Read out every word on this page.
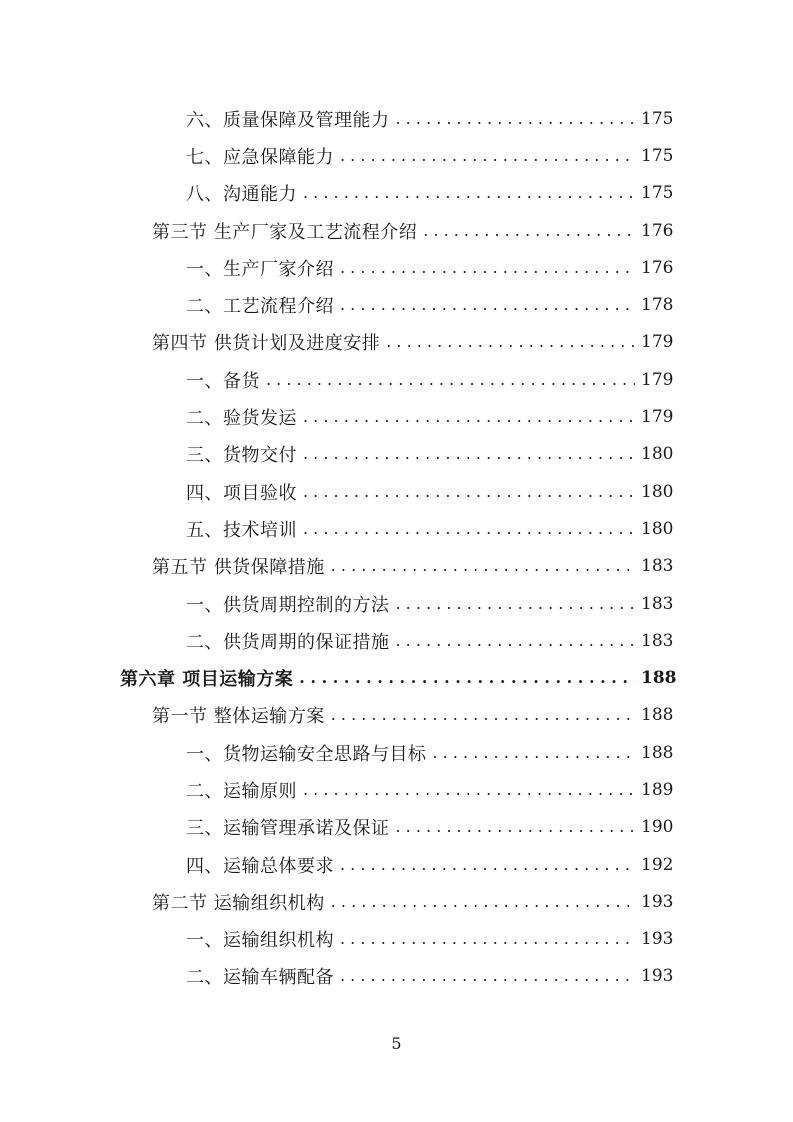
六、质量保障及管理能力 . . .	175
七、应急保障能力 . . .	175
八、沟通能力 . . .	175
第三节 生产厂家及工艺流程介绍 . . .	176
一、生产厂家介绍 . . .	176
二、工艺流程介绍 . . .	178
第四节 供货计划及进度安排 . . .	179
一、备货 . . .	179
二、验货发运 . . .	179
三、货物交付 . . .	180
四、项目验收 . . .	180
五、技术培训 . . .	180
第五节 供货保障措施 . . .	183
一、供货周期控制的方法 . . .	183
二、供货周期的保证措施 . . .	183
第六章 项目运输方案 . . .	188
第一节 整体运输方案 . . .	188
一、货物运输安全思路与目标 . . .	188
二、运输原则 . . .	189
三、运输管理承诺及保证 . . .	190
四、运输总体要求 . . .	192
第二节 运输组织机构 . . .	193
一、运输组织机构 . . .	193
二、运输车辆配备 . . .	193
5
